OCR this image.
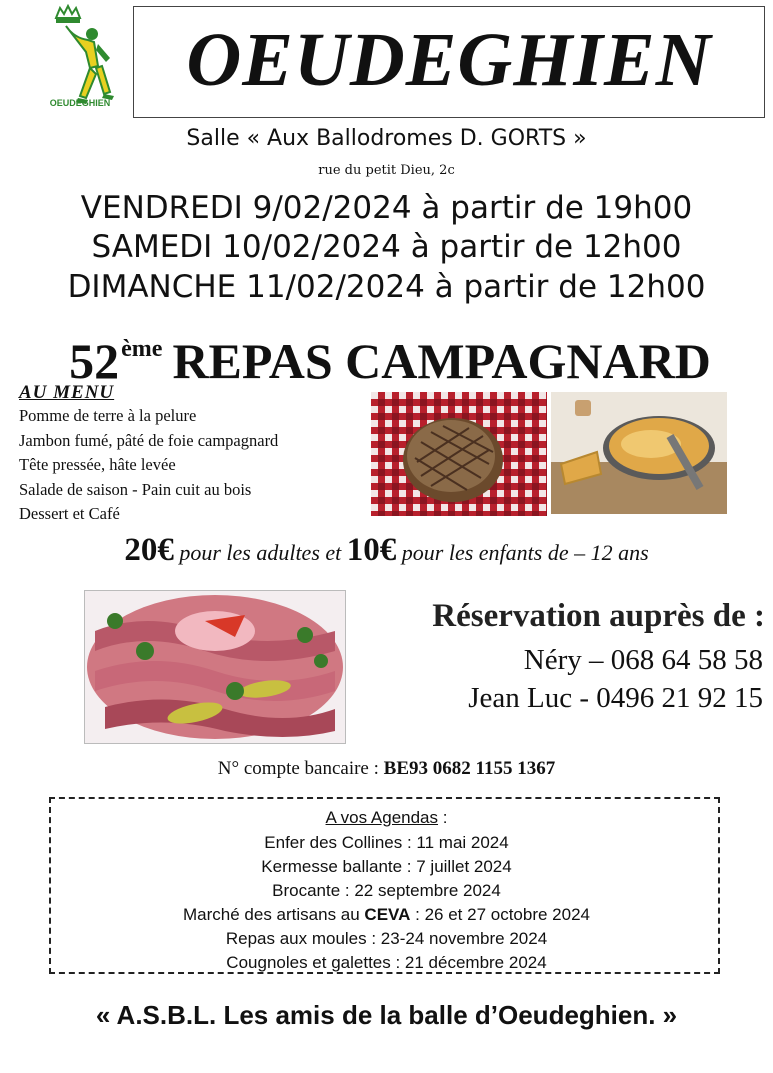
OEUDEGHIEN
OEUDEGHIEN
Salle « Aux Ballodromes D. GORTS »
rue du petit Dieu, 2c
VENDREDI 9/02/2024 à partir de 19h00
SAMEDI 10/02/2024 à partir de 12h00
DIMANCHE 11/02/2024 à partir de 12h00
52ème REPAS CAMPAGNARD
AU MENU
Pomme de terre à la pelure
Jambon fumé, pâté de foie campagnard
Tête pressée, hâte levée
Salade de saison - Pain cuit au bois
Dessert et Café
20€ pour les adultes et 10€ pour les enfants de – 12 ans
Réservation auprès de :
Néry – 068 64 58 58
Jean Luc - 0496 21 92 15
N° compte bancaire : BE93 0682 1155 1367
A vos Agendas :
Enfer des Collines : 11 mai 2024
Kermesse ballante : 7 juillet 2024
Brocante : 22 septembre 2024
Marché des artisans au CEVA : 26 et 27 octobre 2024
Repas aux moules : 23-24 novembre 2024
Cougnoles et galettes : 21 décembre 2024
« A.S.B.L. Les amis de la balle d’Oeudeghien. »
